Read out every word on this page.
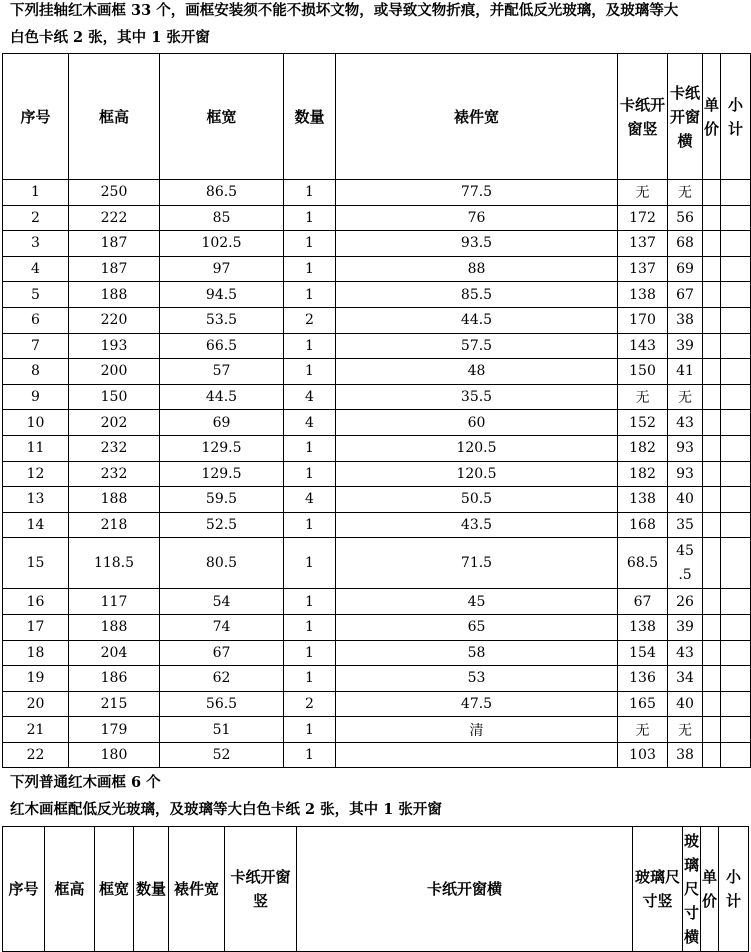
下列挂轴红木画框 33 个，画框安装须不能不损坏文物，或导致文物折痕，并配低反光玻璃，及玻璃等大
白色卡纸 2 张，其中 1 张开窗
序号	框高	框宽	数量	裱件宽	卡纸开窗竖	卡纸开窗横	单价	小计
1	250	86.5	1	77.5	无	无		
2	222	85	1	76	172	56		
3	187	102.5	1	93.5	137	68		
4	187	97	1	88	137	69		
5	188	94.5	1	85.5	138	67		
6	220	53.5	2	44.5	170	38		
7	193	66.5	1	57.5	143	39		
8	200	57	1	48	150	41		
9	150	44.5	4	35.5	无	无		
10	202	69	4	60	152	43		
11	232	129.5	1	120.5	182	93		
12	232	129.5	1	120.5	182	93		
13	188	59.5	4	50.5	138	40		
14	218	52.5	1	43.5	168	35		
15	118.5	80.5	1	71.5	68.5	45
.5		
16	117	54	1	45	67	26		
17	188	74	1	65	138	39		
18	204	67	1	58	154	43		
19	186	62	1	53	136	34		
20	215	56.5	2	47.5	165	40		
21	179	51	1	清	无	无		
22	180	52	1		103	38		
下列普通红木画框 6 个
红木画框配低反光玻璃，及玻璃等大白色卡纸 2 张，其中 1 张开窗
序号	框高	框宽	数量	裱件宽	卡纸开窗竖	卡纸开窗横	玻璃尺寸竖	玻璃尺寸横	单价	小计
